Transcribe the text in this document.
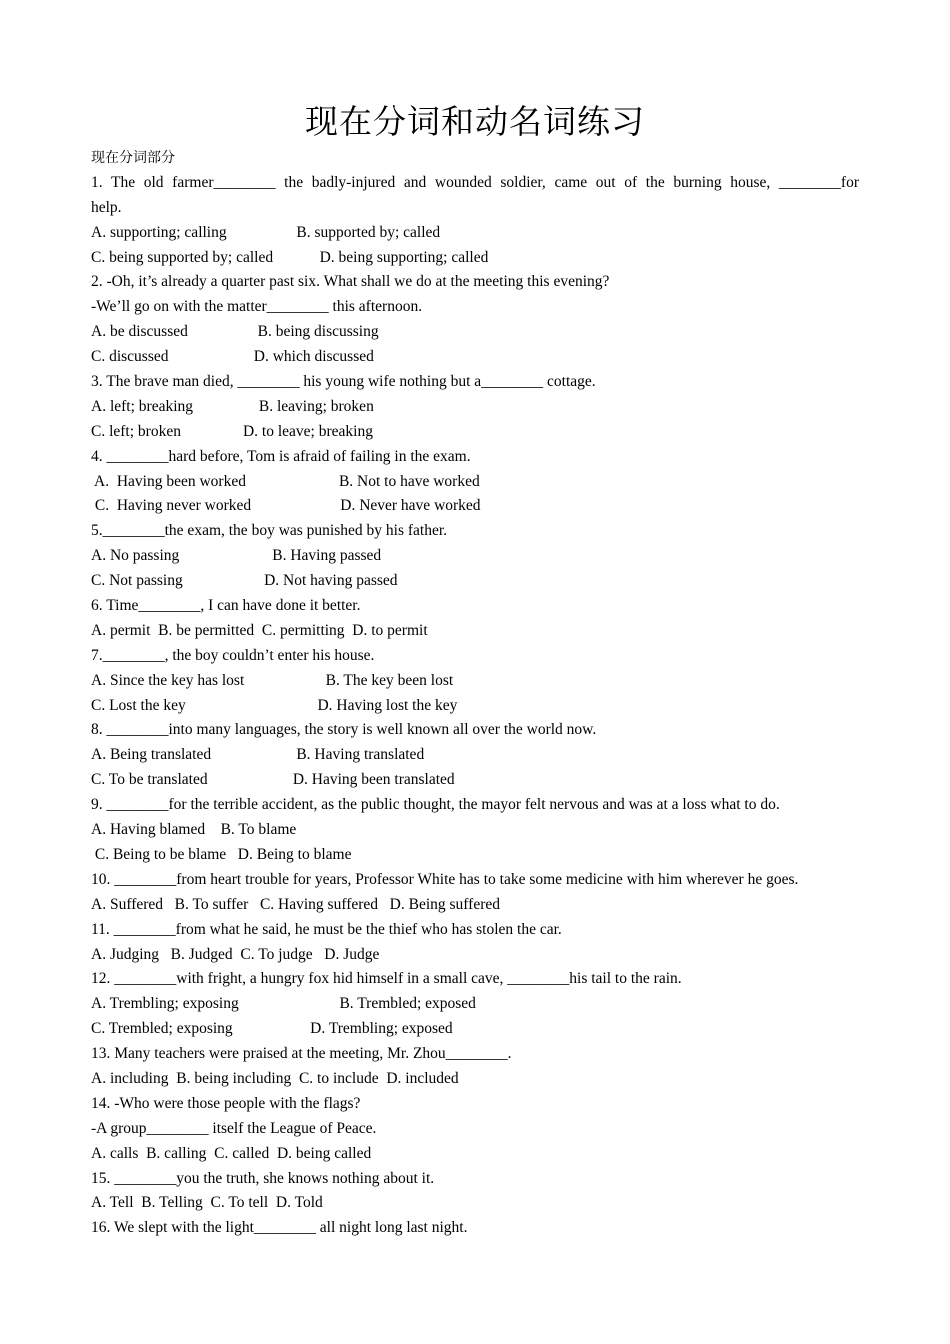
现在分词和动名词练习
现在分词部分
1. The old farmer________ the badly-injured and wounded soldier, came out of the burning house, ________for
help.
A. supporting; calling                  B. supported by; called
C. being supported by; called            D. being supporting; called
2. -Oh, it’s already a quarter past six. What shall we do at the meeting this evening?
-We’ll go on with the matter________ this afternoon.
A. be discussed                  B. being discussing
C. discussed                      D. which discussed
3. The brave man died, ________ his young wife nothing but a________ cottage.
A. left; breaking                 B. leaving; broken
C. left; broken                D. to leave; breaking
4. ________hard before, Tom is afraid of failing in the exam.
A.  Having been worked                        B. Not to have worked
C.  Having never worked                       D. Never have worked
5.________the exam, the boy was punished by his father.
A. No passing                        B. Having passed
C. Not passing                     D. Not having passed
6. Time________, I can have done it better.
A. permit  B. be permitted  C. permitting  D. to permit
7.________, the boy couldn’t enter his house.
A. Since the key has lost                     B. The key been lost
C. Lost the key                                  D. Having lost the key
8. ________into many languages, the story is well known all over the world now.
A. Being translated                      B. Having translated
C. To be translated                      D. Having been translated
9. ________for the terrible accident, as the public thought, the mayor felt nervous and was at a loss what to do.
A. Having blamed    B. To blame
C. Being to be blame   D. Being to blame
10. ________from heart trouble for years, Professor White has to take some medicine with him wherever he goes.
A. Suffered   B. To suffer   C. Having suffered   D. Being suffered
11. ________from what he said, he must be the thief who has stolen the car.
A. Judging   B. Judged  C. To judge   D. Judge
12. ________with fright, a hungry fox hid himself in a small cave, ________his tail to the rain.
A. Trembling; exposing                          B. Trembled; exposed
C. Trembled; exposing                    D. Trembling; exposed
13. Many teachers were praised at the meeting, Mr. Zhou________.
A. including  B. being including  C. to include  D. included
14. -Who were those people with the flags?
-A group________ itself the League of Peace.
A. calls  B. calling  C. called  D. being called
15. ________you the truth, she knows nothing about it.
A. Tell  B. Telling  C. To tell  D. Told
16. We slept with the light________ all night long last night.
